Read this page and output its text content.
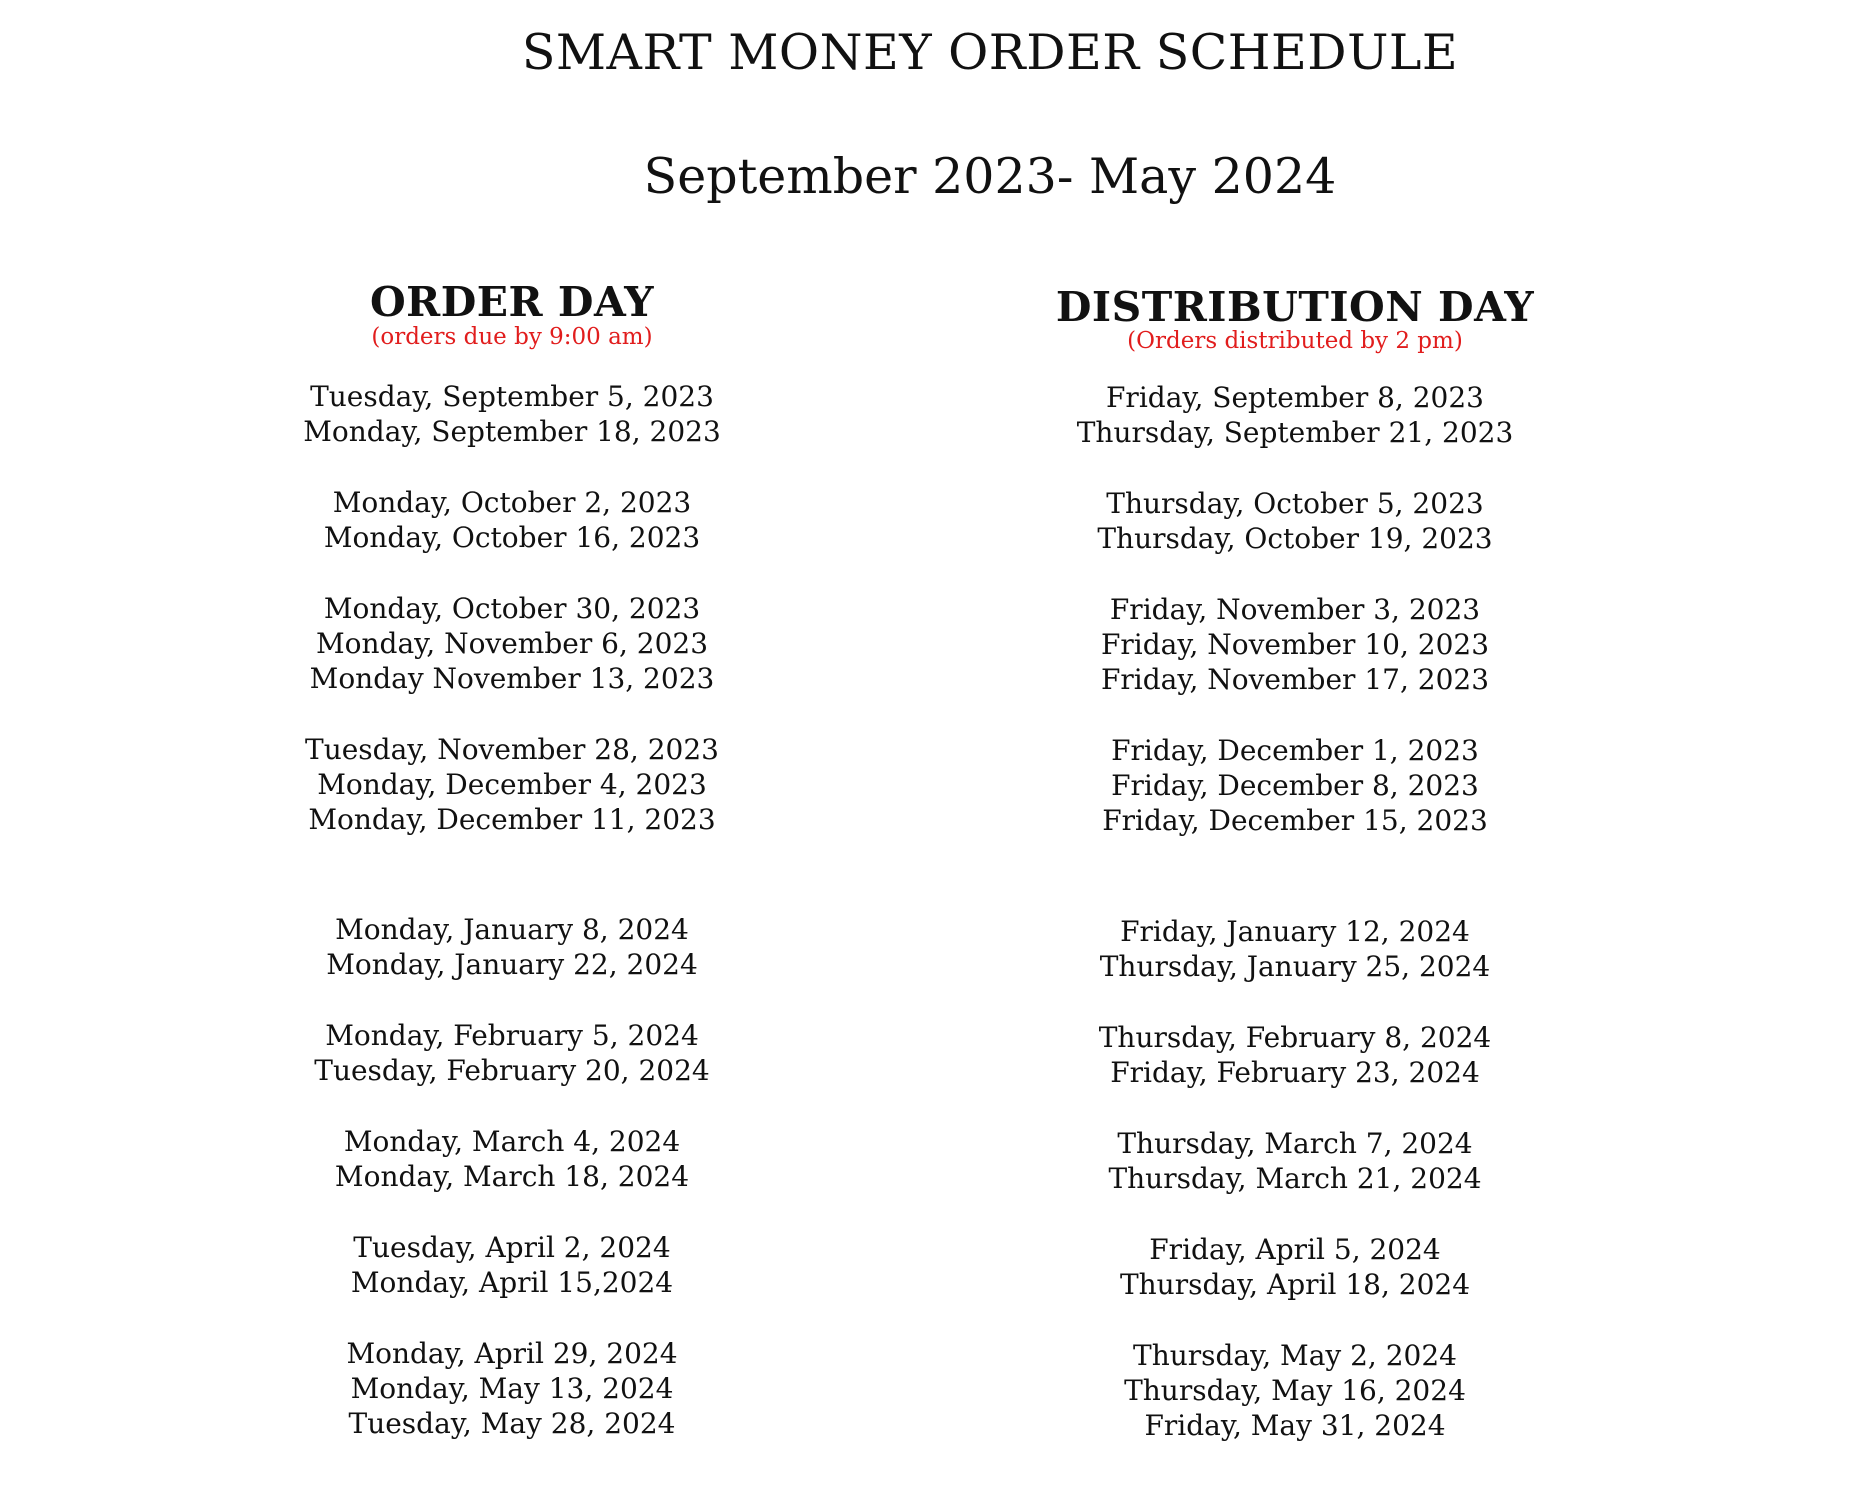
SMART MONEY ORDER SCHEDULE
September 2023- May 2024
ORDER DAY
(orders due by 9:00 am)
Tuesday, September 5, 2023
Monday, September 18, 2023
Monday, October 2, 2023
Monday, October 16, 2023
Monday, October 30, 2023
Monday, November 6, 2023
Monday November 13, 2023
Tuesday, November 28, 2023
Monday, December 4, 2023
Monday, December 11, 2023
Monday, January 8, 2024
Monday, January 22, 2024
Monday, February 5, 2024
Tuesday, February 20, 2024
Monday, March 4, 2024
Monday, March 18, 2024
Tuesday, April 2, 2024
Monday, April 15,2024
Monday, April 29, 2024
Monday, May 13, 2024
Tuesday, May 28, 2024
DISTRIBUTION DAY
(Orders distributed by 2 pm)
Friday, September 8, 2023
Thursday, September 21, 2023
Thursday, October 5, 2023
Thursday, October 19, 2023
Friday, November 3, 2023
Friday, November 10, 2023
Friday, November 17, 2023
Friday, December 1, 2023
Friday, December 8, 2023
Friday, December 15, 2023
Friday, January 12, 2024
Thursday, January 25, 2024
Thursday, February 8, 2024
Friday, February 23, 2024
Thursday, March 7, 2024
Thursday, March 21, 2024
Friday, April 5, 2024
Thursday, April 18, 2024
Thursday, May 2, 2024
Thursday, May 16, 2024
Friday, May 31, 2024
